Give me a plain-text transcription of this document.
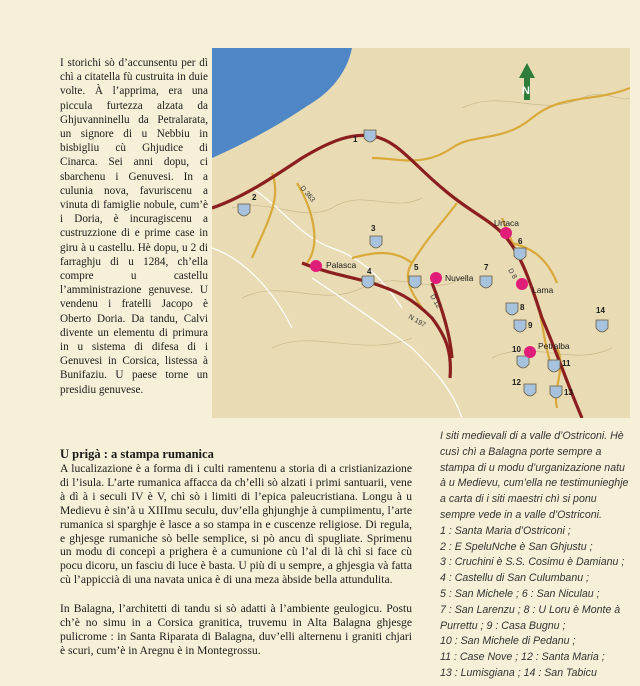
I storichi sò d’accunsentu per dì chì a citatella fù custruita in duie volte. À l’apprima, era una piccula furtezza alzata da Ghjuvanninellu da Petralarata, un signore di u Nebbiu in bisbigliu cù Ghjudice di Cinarca. Sei anni dopu, ci sbarchenu i Genuvesi. In a culunia nova, favuriscenu a vinuta di famiglie nobule, cum’è i Doria, è incuragiscenu a custruzzione di e prime case in giru à u castellu. Hè dopu, u 2 di farraghju di u 1284, ch’ella compre u castellu l’amministrazione genuvese. U vendenu i fratelli Jacopo è Oberto Doria. Da tandu, Calvi divente un elementu di primura in u sistema di difesa di i Genuvesi in Corsica, listessa à Bunifaziu. U paese torne un presidiu genuvese.
D 363
D 12
N 197
D 8
N
1
2
3
4	5
6
7
8
9
10
11
12
13
14
Urtaca
Palasca
Nuvella
Lama
Petralba
U prigà : a stampa rumanica
A lucalizazione è a forma di i culti ramentenu a storia di a cristianizazione di l’isula. L’arte rumanica affacca da ch’elli sò alzati i primi santuarii, vene à dì à i seculi IV è V, chì sò i limiti di l’epica paleucristiana. Longu à u Medievu è sin’à u XIIImu seculu, duv’ella ghjunghje à cumpiimentu, l’arte rumanica si sparghje è lasce a so stampa in e cuscenze religiose. Di regula, e ghjesge rumaniche sò belle semplice, si pò ancu dì spugliate. Sprimenu un modu di concepì a prighera è a cumunione cù l’al di là chì si face cù pocu dicoru, un fasciu di luce è basta. U più di u sempre, a ghjesgia và fatta cù l’appiccià di una navata unica è di una meza àbside bella attundulita.
In Balagna, l’architetti di tandu si sò adatti à l’ambiente geulogicu. Postu ch’è no simu in a Corsica granitica, truvemu in Alta Balagna ghjesge pulicrome : in Santa Riparata di Balagna, duv’elli alternenu i graniti chjari è scuri, cum’è in Aregnu è in Montegrossu.
I siti medievali di a valle d’Ostriconi. Hè cusì chì a Balagna porte sempre a stampa di u modu d’urganizazione natu à u Medievu, cum’ella ne testimunieghje a carta di i siti maestri chì si ponu sempre vede in a valle d’Ostriconi.
1 : Santa Maria d’Ostriconi ;
2 : E SpeluNche è San Ghjustu ;
3 : Cruchini è S.S. Cosimu è Damianu ;
4 : Castellu di San Culumbanu ;
5 : San Michele ; 6 : San Niculau ;
7 : San Larenzu ; 8 : U Loru è Monte à Purrettu ; 9 : Casa Bugnu ;
10 : San Michele di Pedanu ;
11 : Case Nove ; 12 : Santa Maria ;
13 : Lumisgiana ; 14 : San Tabicu
